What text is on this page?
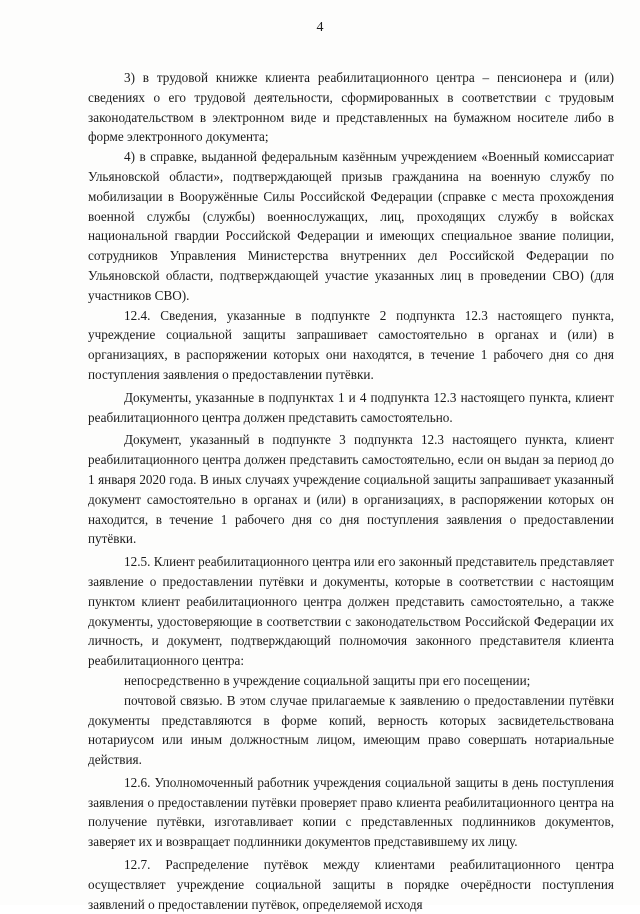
4

3) в трудовой книжке клиента реабилитационного центра – пенсионера и (или) сведениях о его трудовой деятельности, сформированных в соответствии с трудовым законодательством в электронном виде и представленных на бумажном носителе либо в форме электронного документа;

4) в справке, выданной федеральным казённым учреждением «Военный комиссариат Ульяновской области», подтверждающей призыв гражданина на военную службу по мобилизации в Вооружённые Силы Российской Федерации (справке с места прохождения военной службы (службы) военнослужащих, лиц, проходящих службу в войсках национальной гвардии Российской Федерации и имеющих специальное звание полиции, сотрудников Управления Министерства внутренних дел Российской Федерации по Ульяновской области, подтверждающей участие указанных лиц в проведении СВО) (для участников СВО).

12.4. Сведения, указанные в подпункте 2 подпункта 12.3 настоящего пункта, учреждение социальной защиты запрашивает самостоятельно в органах и (или) в организациях, в распоряжении которых они находятся, в течение 1 рабочего дня со дня поступления заявления о предоставлении путёвки.

Документы, указанные в подпунктах 1 и 4 подпункта 12.3 настоящего пункта, клиент реабилитационного центра должен представить самостоятельно.

Документ, указанный в подпункте 3 подпункта 12.3 настоящего пункта, клиент реабилитационного центра должен представить самостоятельно, если он выдан за период до 1 января 2020 года. В иных случаях учреждение социальной защиты запрашивает указанный документ самостоятельно в органах и (или) в организациях, в распоряжении которых он находится, в течение 1 рабочего дня со дня поступления заявления о предоставлении путёвки.

12.5. Клиент реабилитационного центра или его законный представитель представляет заявление о предоставлении путёвки и документы, которые в соответствии с настоящим пунктом клиент реабилитационного центра должен представить самостоятельно, а также документы, удостоверяющие в соответствии с законодательством Российской Федерации их личность, и документ, подтверждающий полномочия законного представителя клиента реабилитационного центра:

непосредственно в учреждение социальной защиты при его посещении;

почтовой связью. В этом случае прилагаемые к заявлению о предоставлении путёвки документы представляются в форме копий, верность которых засвидетельствована нотариусом или иным должностным лицом, имеющим право совершать нотариальные действия.

12.6. Уполномоченный работник учреждения социальной защиты в день поступления заявления о предоставлении путёвки проверяет право клиента реабилитационного центра на получение путёвки, изготавливает копии с представленных подлинников документов, заверяет их и возвращает подлинники документов представившему их лицу.

12.7. Распределение путёвок между клиентами реабилитационного центра осуществляет учреждение социальной защиты в порядке очерёдности поступления заявлений о предоставлении путёвок, определяемой исходя
